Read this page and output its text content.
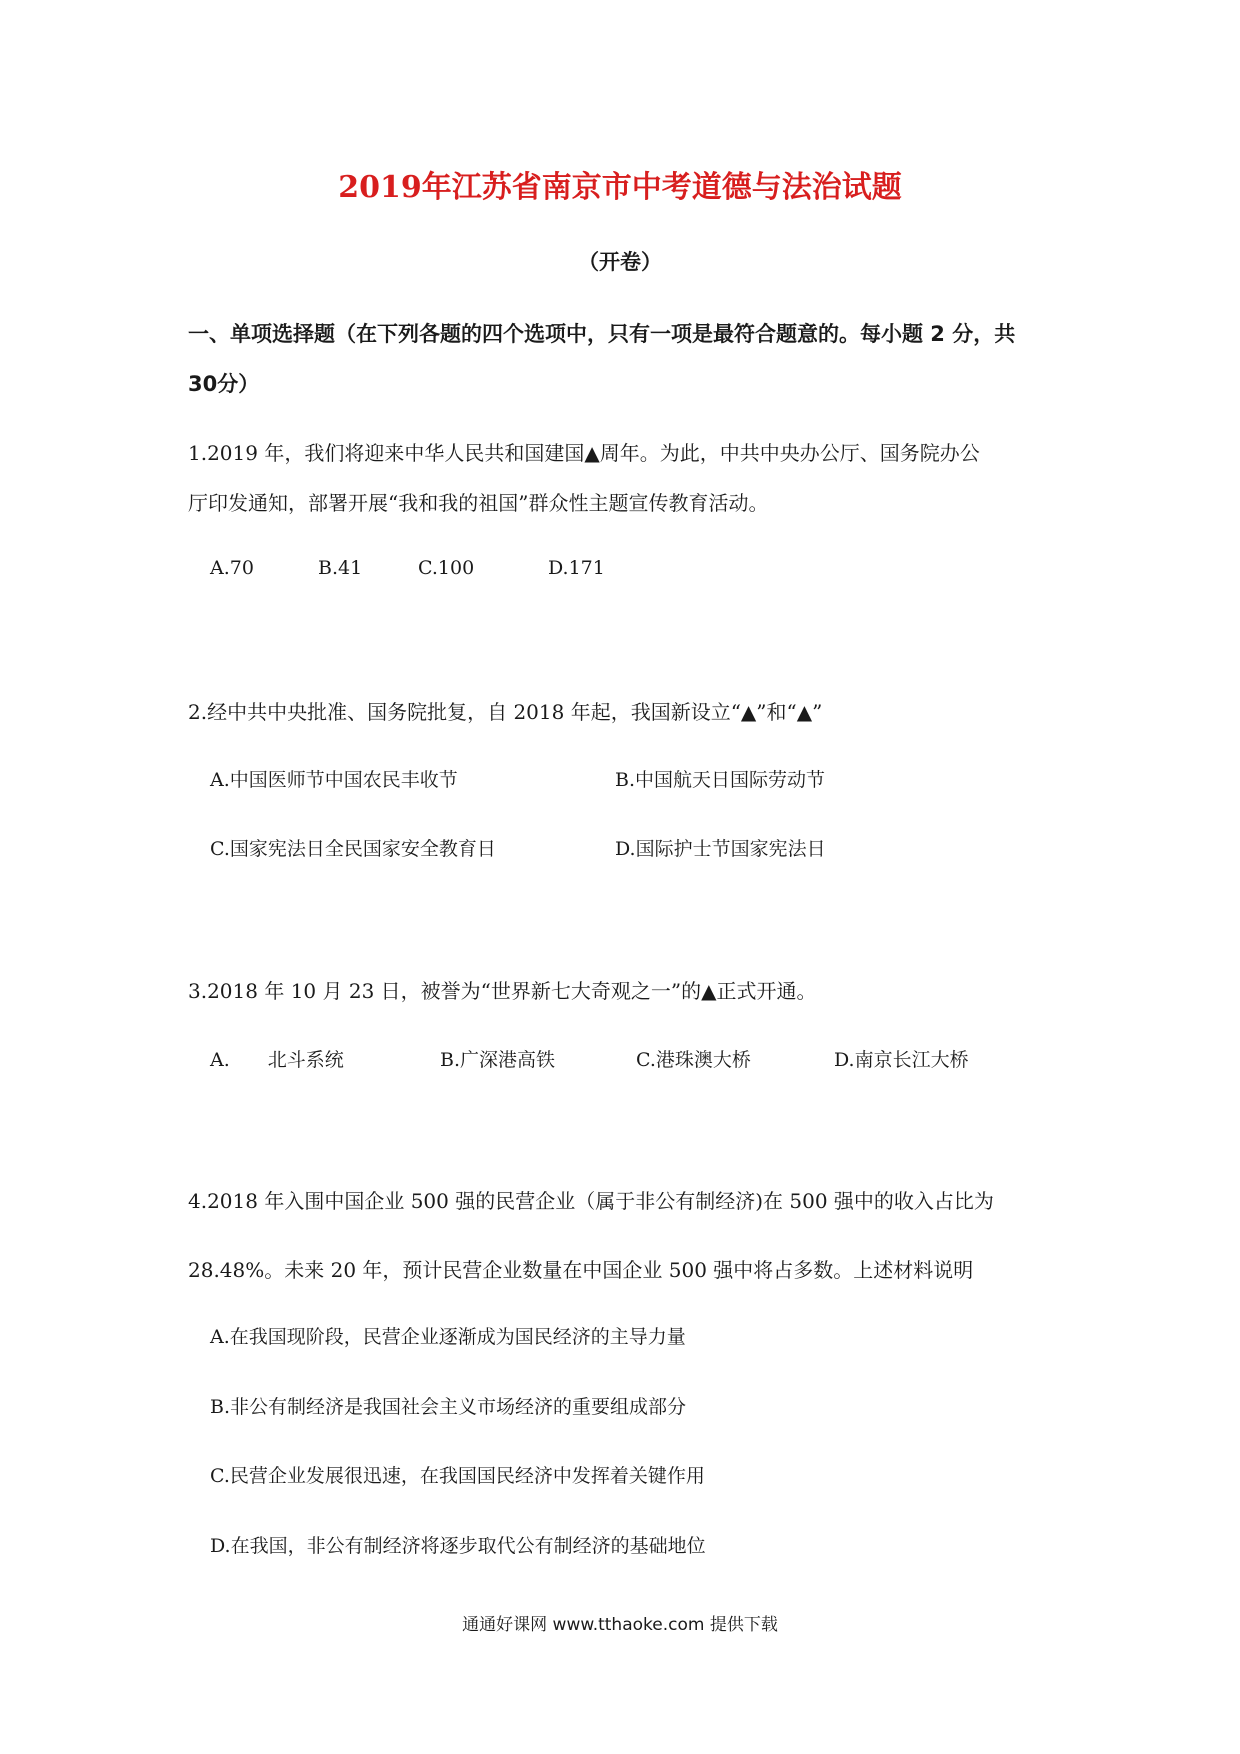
2019年江苏省南京市中考道德与法治试题
（开卷）
一、单项选择题（在下列各题的四个选项中，只有一项是最符合题意的。每小题 2 分，共
30分）
1.2019 年，我们将迎来中华人民共和国建国▲周年。为此，中共中央办公厅、国务院办公
厅印发通知，部署开展“我和我的祖国”群众性主题宣传教育活动。
A.70	B.41	C.100	D.171
2.经中共中央批准、国务院批复，自 2018 年起，我国新设立“▲”和“▲”
A.中国医师节中国农民丰收节	B.中国航天日国际劳动节
C.国家宪法日全民国家安全教育日	D.国际护士节国家宪法日
3.2018 年 10 月 23 日，被誉为“世界新七大奇观之一”的▲正式开通。
A.　　北斗系统	B.广深港高铁	C.港珠澳大桥	D.南京长江大桥
4.2018 年入围中国企业 500 强的民营企业（属于非公有制经济)在 500 强中的收入占比为
28.48%。未来 20 年，预计民营企业数量在中国企业 500 强中将占多数。上述材料说明
A.在我国现阶段，民营企业逐渐成为国民经济的主导力量
B.非公有制经济是我国社会主义市场经济的重要组成部分
C.民营企业发展很迅速，在我国国民经济中发挥着关键作用
D.在我国，非公有制经济将逐步取代公有制经济的基础地位
通通好课网 www.tthaoke.com 提供下载
